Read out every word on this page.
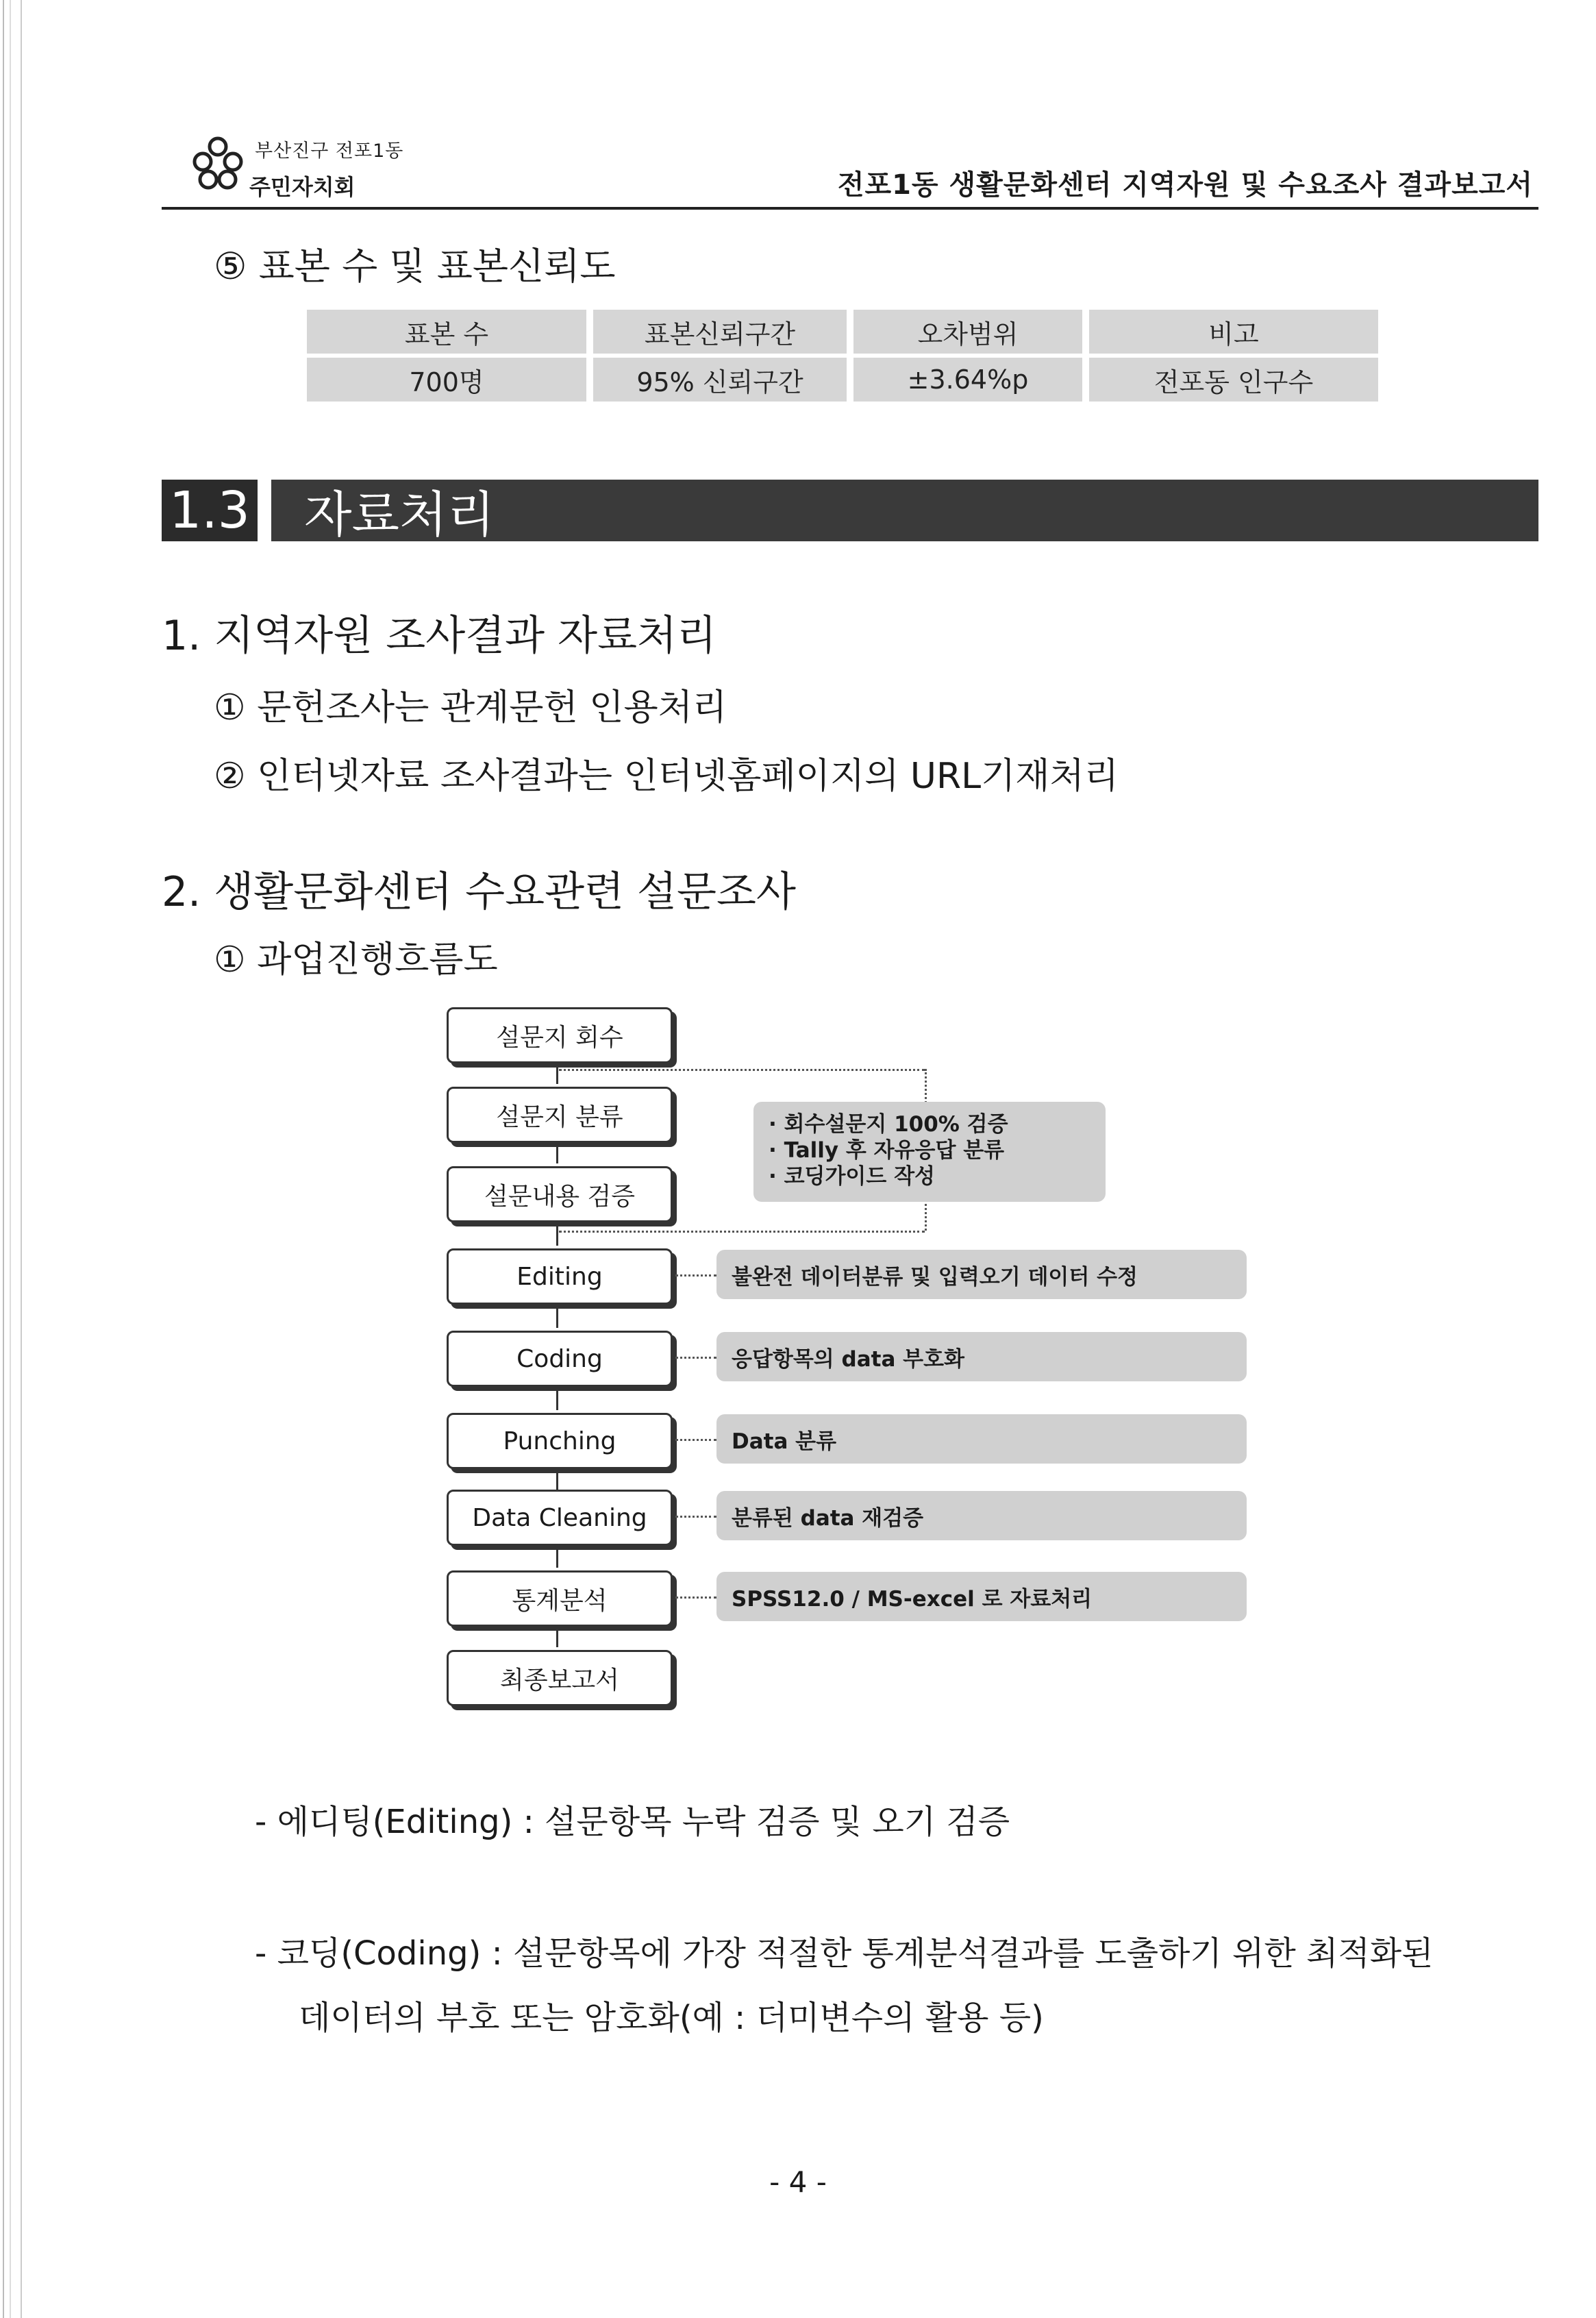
부산진구 전포1동
주민자치회	전포1동 생활문화센터 지역자원 및 수요조사 결과보고서
⑤ 표본 수 및 표본신뢰도
표본 수	표본신뢰구간	오차범위	비고
700명	95% 신뢰구간	±3.64%p	전포동 인구수
1.3	자료처리
1. 지역자원 조사결과 자료처리
① 문헌조사는 관계문헌 인용처리
② 인터넷자료 조사결과는 인터넷홈페이지의 URL기재처리
2. 생활문화센터 수요관련 설문조사
① 과업진행흐름도
설문지 회수
설문지 분류
설문내용 검증
Editing
Coding
Punching
Data Cleaning
통계분석
최종보고서
· 회수설문지 100% 검증
· Tally 후 자유응답 분류
· 코딩가이드 작성
불완전 데이터분류 및 입력오기 데이터 수정
응답항목의 data 부호화
Data 분류
분류된 data 재검증
SPSS12.0 / MS-excel 로 자료처리
- 에디팅(Editing) : 설문항목 누락 검증 및 오기 검증
- 코딩(Coding) : 설문항목에 가장 적절한 통계분석결과를 도출하기 위한 최적화된
데이터의 부호 또는 암호화(예 : 더미변수의 활용 등)
- 4 -
